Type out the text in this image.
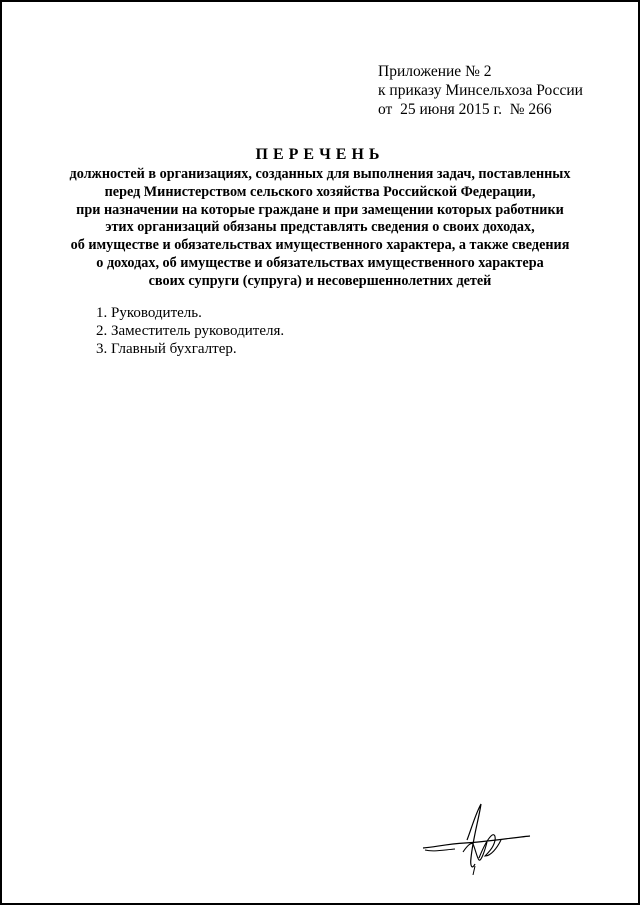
Приложение № 2
к приказу Минсельхоза России
от  25 июня 2015 г.  № 266
ПЕРЕЧЕНЬ
должностей в организациях, созданных для выполнения задач, поставленных
перед Министерством сельского хозяйства Российской Федерации,
при назначении на которые граждане и при замещении которых работники
этих организаций обязаны представлять сведения о своих доходах,
об имуществе и обязательствах имущественного характера, а также сведения
о доходах, об имуществе и обязательствах имущественного характера
своих супруги (супруга) и несовершеннолетних детей
1. Руководитель.
2. Заместитель руководителя.
3. Главный бухгалтер.
